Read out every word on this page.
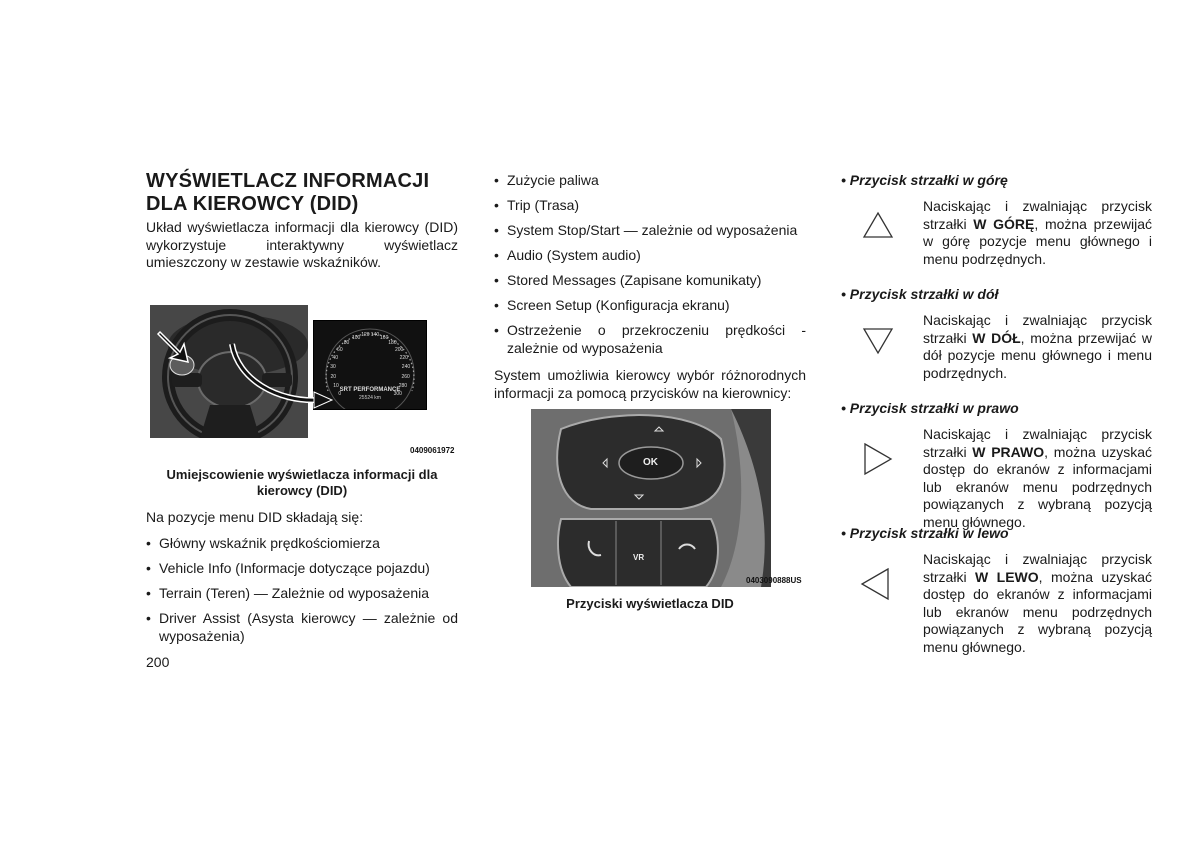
WYŚWIETLACZ INFORMACJI
DLA KIEROWCY (DID)

Układ wyświetlacza informacji dla kierowcy (DID) wykorzystuje interaktywny wyświetlacz umieszczony w zestawie wskaźników.

0
10
20
30
40
60
80
100 120 140 160
180
200
220
240
260
280
300
SRT PERFORMANCE
25524 km
0409061972
Umiejscowienie wyświetlacza informacji dla
kierowcy (DID)

Na pozycje menu DID składają się:

• Główny wskaźnik prędkościomierza
• Vehicle Info (Informacje dotyczące pojazdu)
• Terrain (Teren) — Zależnie od wyposażenia
• Driver Assist (Asysta kierowcy — zależnie od wyposażenia)
200
• Zużycie paliwa
• Trip (Trasa)
• System Stop/Start — zależnie od wyposażenia
• Audio (System audio)
• Stored Messages (Zapisane komunikaty)
• Screen Setup (Konfiguracja ekranu)
• Ostrzeżenie o przekroczeniu prędkości - zależnie od wyposażenia

System umożliwia kierowcy wybór różnorodnych informacji za pomocą przycisków na kierownicy:

OK
VR
0403090888US
Przyciski wyświetlacza DID
• Przycisk strzałki w górę
Naciskając i zwalniając przycisk strzałki W GÓRĘ, można przewijać w górę pozycje menu głównego i menu podrzędnych.
• Przycisk strzałki w dół
Naciskając i zwalniając przycisk strzałki W DÓŁ, można przewijać w dół pozycje menu głównego i menu podrzędnych.
• Przycisk strzałki w prawo
Naciskając i zwalniając przycisk strzałki W PRAWO, można uzyskać dostęp do ekranów z informacjami lub ekranów menu podrzędnych powiązanych z wybraną pozycją menu głównego.
• Przycisk strzałki w lewo
Naciskając i zwalniając przycisk strzałki W LEWO, można uzyskać dostęp do ekranów z informacjami lub ekranów menu podrzędnych powiązanych z wybraną pozycją menu głównego.
